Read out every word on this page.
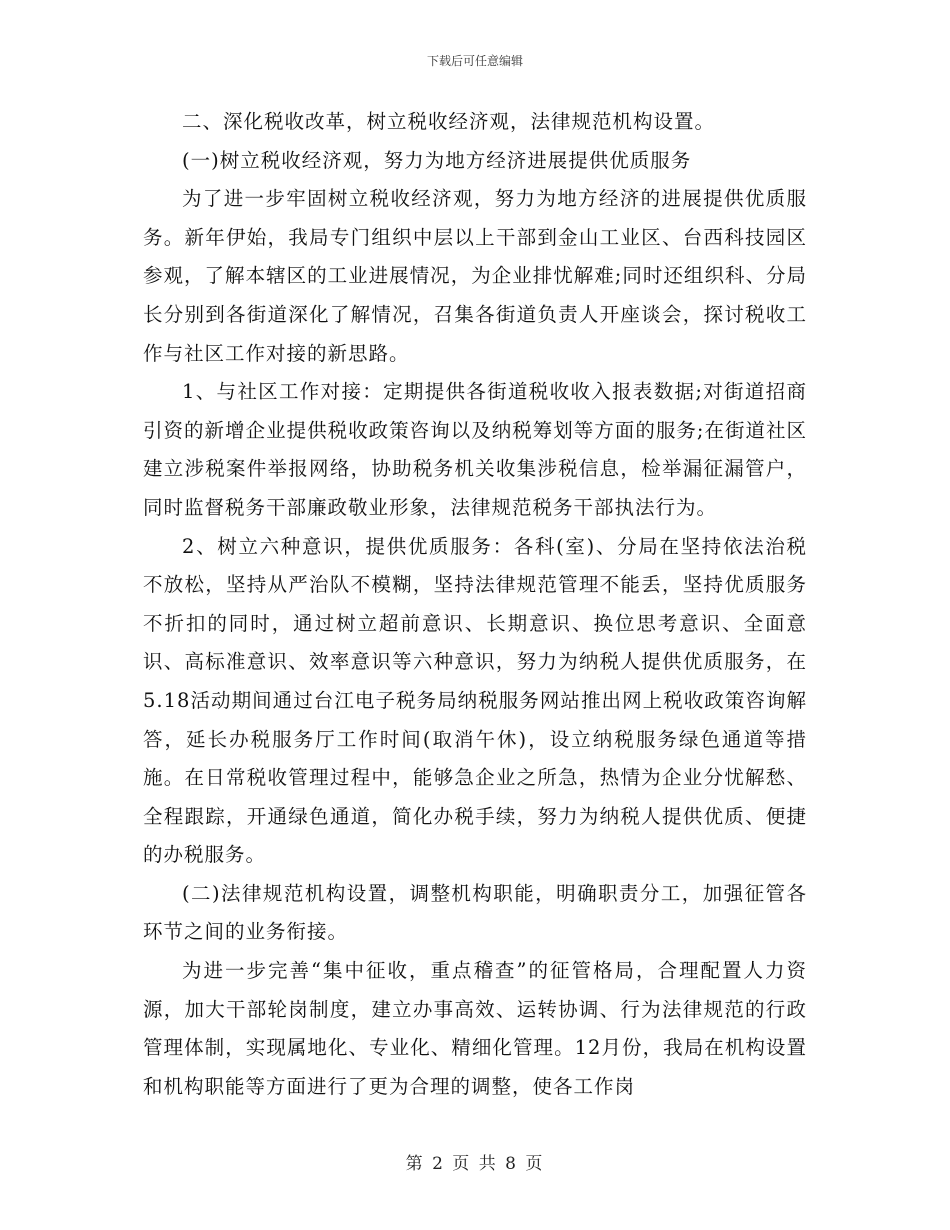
下载后可任意编辑

二、深化税收改革，树立税收经济观，法律规范机构设置。

(一)树立税收经济观，努力为地方经济进展提供优质服务

为了进一步牢固树立税收经济观，努力为地方经济的进展提供优质服务。新年伊始，我局专门组织中层以上干部到金山工业区、台西科技园区参观，了解本辖区的工业进展情况，为企业排忧解难;同时还组织科、分局长分别到各街道深化了解情况，召集各街道负责人开座谈会，探讨税收工作与社区工作对接的新思路。

1、与社区工作对接：定期提供各街道税收收入报表数据;对街道招商引资的新增企业提供税收政策咨询以及纳税筹划等方面的服务;在街道社区建立涉税案件举报网络，协助税务机关收集涉税信息，检举漏征漏管户，同时监督税务干部廉政敬业形象，法律规范税务干部执法行为。

2、树立六种意识，提供优质服务：各科(室)、分局在坚持依法治税不放松，坚持从严治队不模糊，坚持法律规范管理不能丢，坚持优质服务不折扣的同时，通过树立超前意识、长期意识、换位思考意识、全面意识、高标准意识、效率意识等六种意识，努力为纳税人提供优质服务，在5.18活动期间通过台江电子税务局纳税服务网站推出网上税收政策咨询解答，延长办税服务厅工作时间(取消午休)，设立纳税服务绿色通道等措施。在日常税收管理过程中，能够急企业之所急，热情为企业分忧解愁、全程跟踪，开通绿色通道，简化办税手续，努力为纳税人提供优质、便捷的办税服务。

(二)法律规范机构设置，调整机构职能，明确职责分工，加强征管各环节之间的业务衔接。

为进一步完善“集中征收，重点稽查”的征管格局，合理配置人力资源，加大干部轮岗制度，建立办事高效、运转协调、行为法律规范的行政管理体制，实现属地化、专业化、精细化管理。12月份，我局在机构设置和机构职能等方面进行了更为合理的调整，使各工作岗

第 2 页 共 8 页
